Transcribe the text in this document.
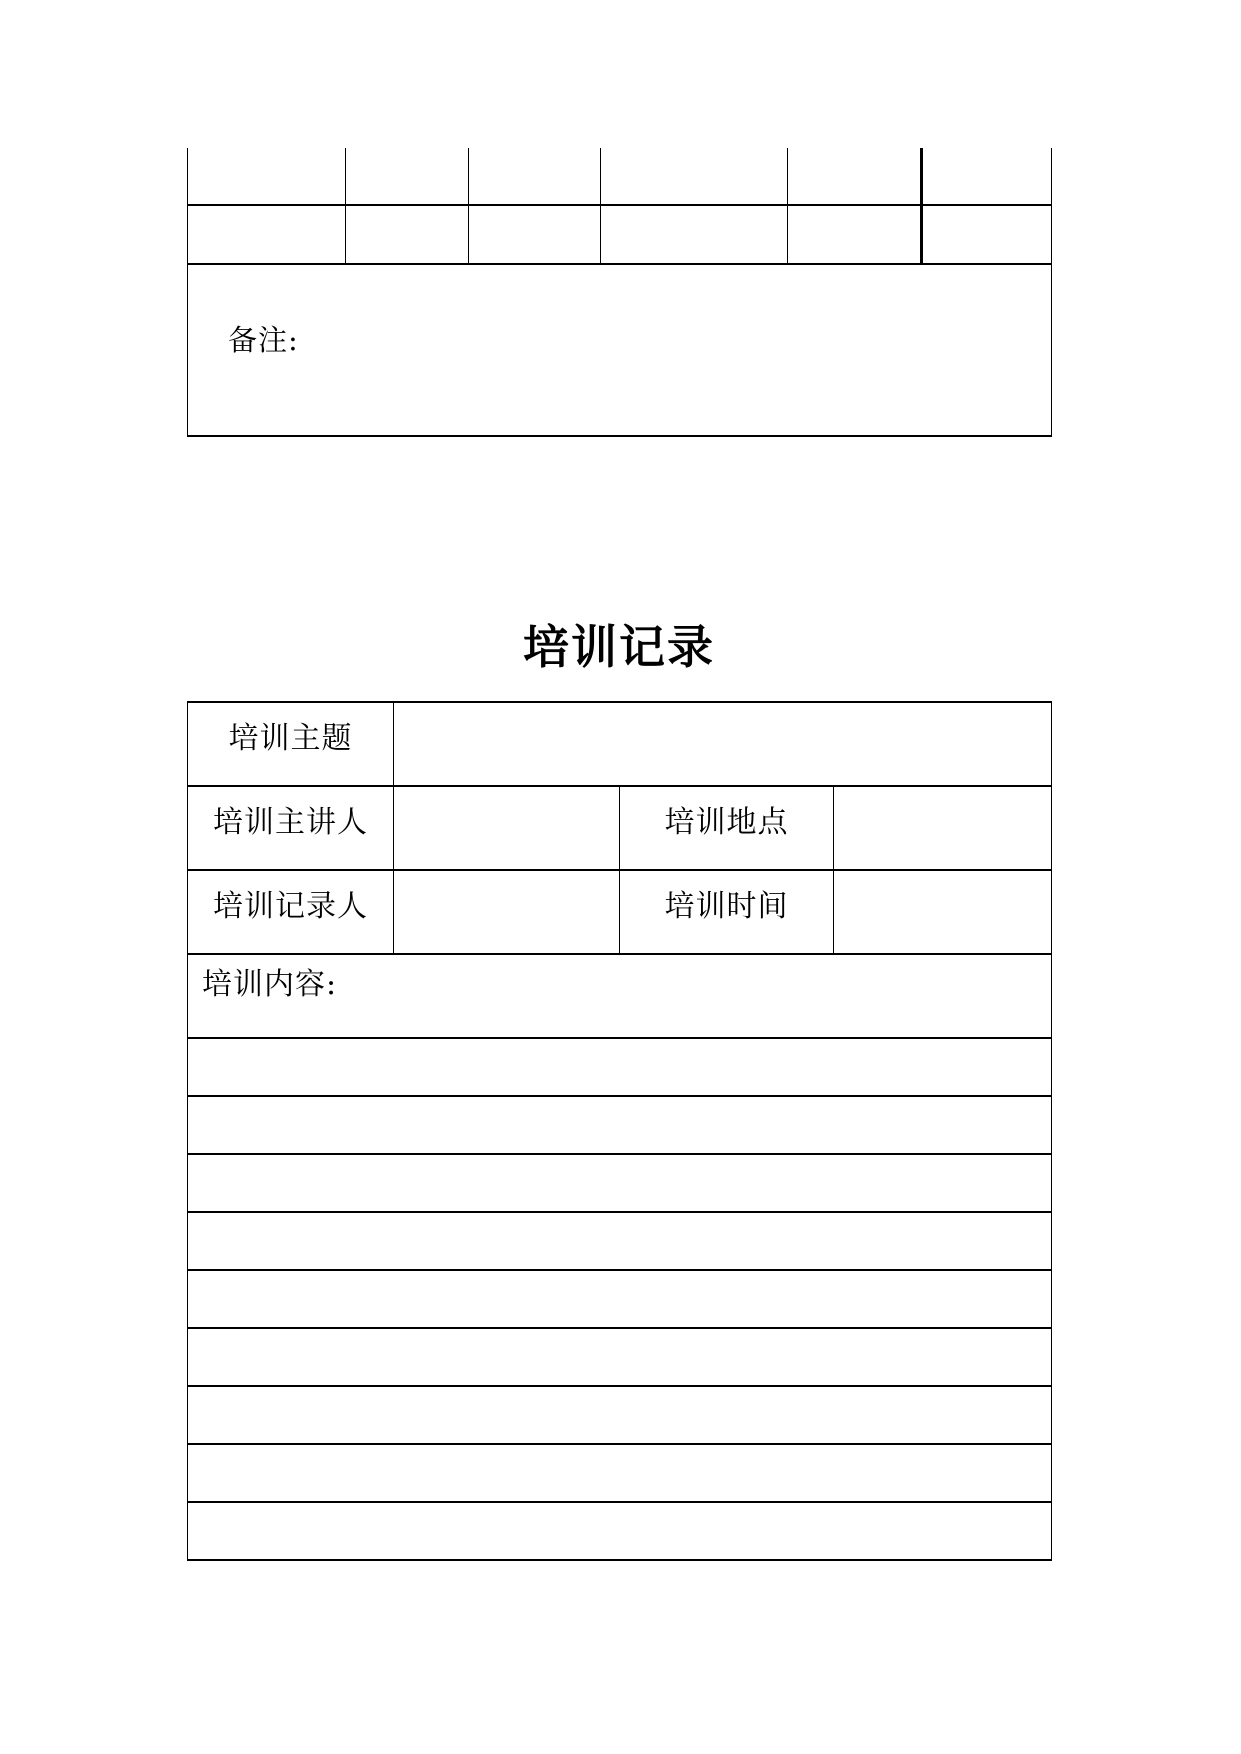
备注:					
培训记录
培训主题			
培训主讲人		培训地点	
培训记录人		培训时间	
培训内容:			
